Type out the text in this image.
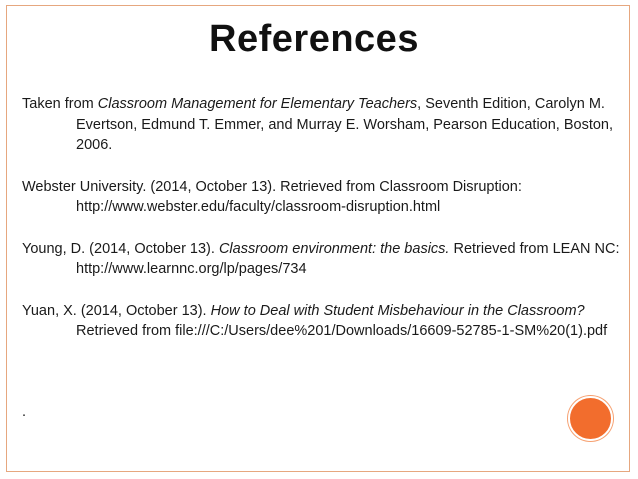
References

Taken from Classroom Management for Elementary Teachers, Seventh Edition, Carolyn M. Evertson, Edmund T. Emmer, and Murray E. Worsham, Pearson Education, Boston, 2006.

Webster University. (2014, October 13). Retrieved from Classroom Disruption: http://www.webster.edu/faculty/classroom-disruption.html

Young, D. (2014, October 13). Classroom environment: the basics. Retrieved from LEAN NC: http://www.learnnc.org/lp/pages/734

Yuan, X. (2014, October 13). How to Deal with Student Misbehaviour in the Classroom? Retrieved from file:///C:/Users/dee%201/Downloads/16609-52785-1-SM%20(1).pdf

.
